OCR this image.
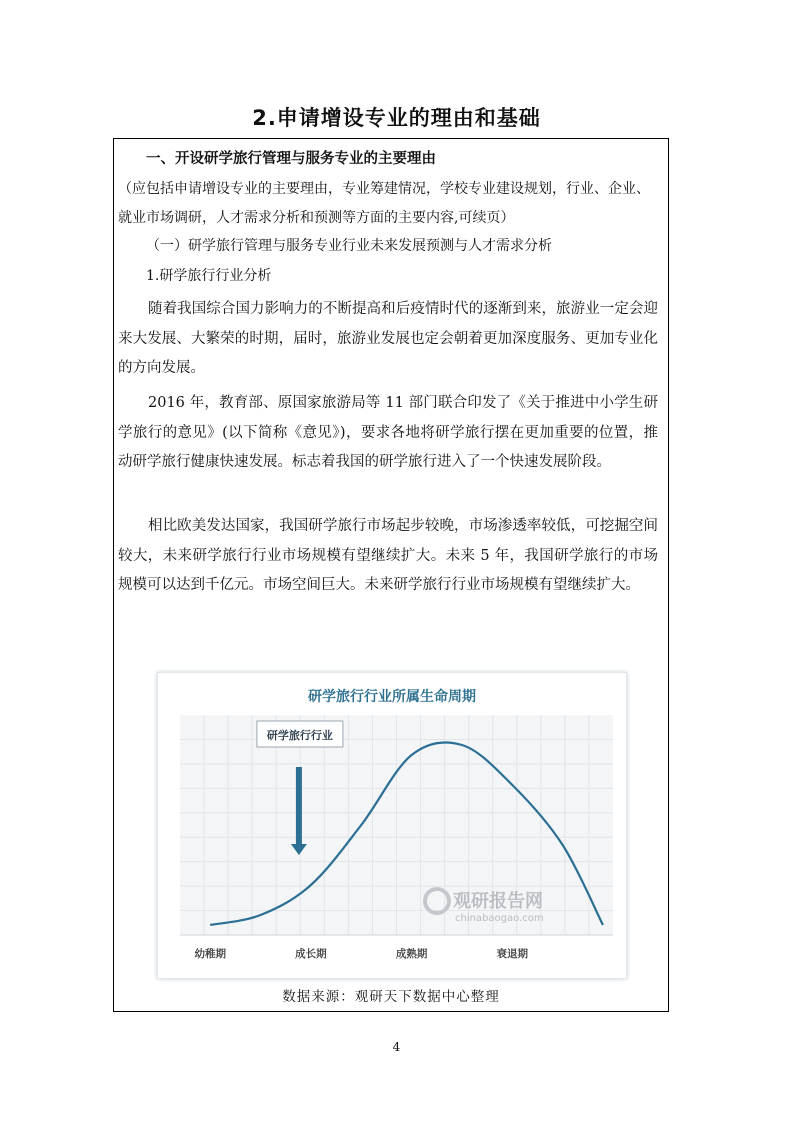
2.申请增设专业的理由和基础
一、开设研学旅行管理与服务专业的主要理由
（应包括申请增设专业的主要理由，专业筹建情况，学校专业建设规划，行业、企业、就业市场调研，人才需求分析和预测等方面的主要内容,可续页）
（一）研学旅行管理与服务专业行业未来发展预测与人才需求分析
1.研学旅行行业分析
随着我国综合国力影响力的不断提高和后疫情时代的逐渐到来，旅游业一定会迎来大发展、大繁荣的时期，届时，旅游业发展也定会朝着更加深度服务、更加专业化的方向发展。
2016 年，教育部、原国家旅游局等 11 部门联合印发了《关于推进中小学生研学旅行的意见》(以下简称《意见》)，要求各地将研学旅行摆在更加重要的位置，推动研学旅行健康快速发展。标志着我国的研学旅行进入了一个快速发展阶段。
相比欧美发达国家，我国研学旅行市场起步较晚，市场渗透率较低，可挖掘空间较大，未来研学旅行行业市场规模有望继续扩大。未来 5 年，我国研学旅行的市场规模可以达到千亿元。市场空间巨大。未来研学旅行行业市场规模有望继续扩大。
研学旅行行业所属生命周期
观研报告网
chinabaogao.com
研学旅行行业
幼稚期	成长期	成熟期	衰退期
数据来源：观研天下数据中心整理
4
